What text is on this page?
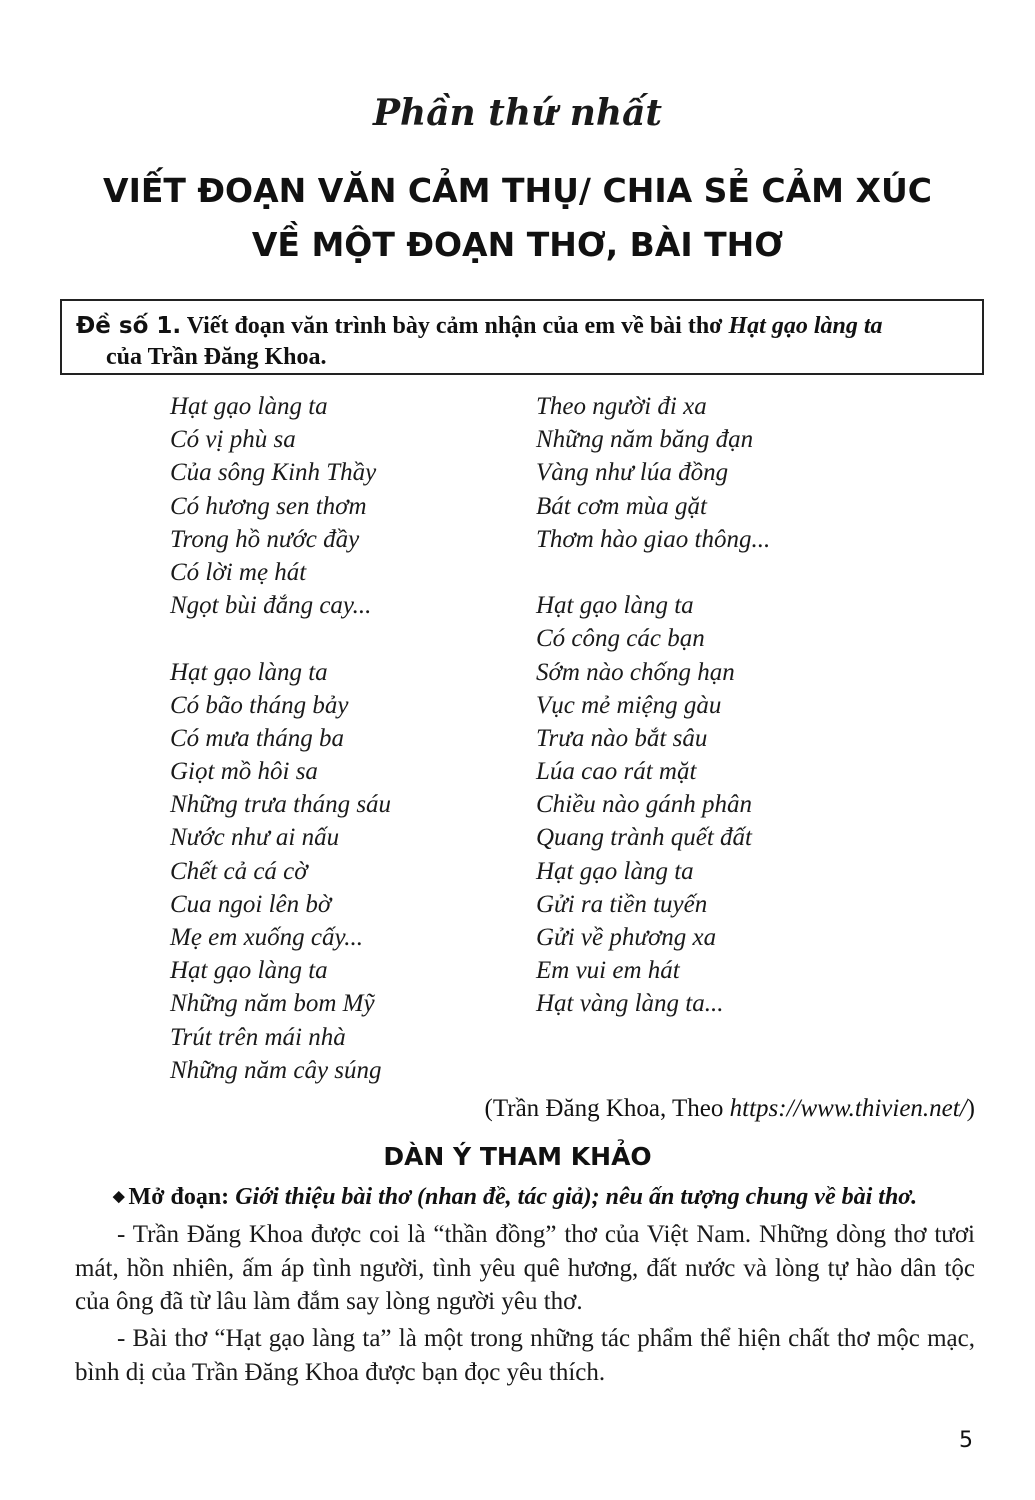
Phần thứ nhất
VIẾT ĐOẠN VĂN CẢM THỤ/ CHIA SẺ CẢM XÚC
VỀ MỘT ĐOẠN THƠ, BÀI THƠ
Đề số 1. Viết đoạn văn trình bày cảm nhận của em về bài thơ Hạt gạo làng ta
của Trần Đăng Khoa.
Hạt gạo làng ta
Có vị phù sa
Của sông Kinh Thầy
Có hương sen thơm
Trong hồ nước đầy
Có lời mẹ hát
Ngọt bùi đắng cay...
Hạt gạo làng ta
Có bão tháng bảy
Có mưa tháng ba
Giọt mồ hôi sa
Những trưa tháng sáu
Nước như ai nấu
Chết cả cá cờ
Cua ngoi lên bờ
Mẹ em xuống cấy...
Hạt gạo làng ta
Những năm bom Mỹ
Trút trên mái nhà
Những năm cây súng
Theo người đi xa
Những năm băng đạn
Vàng như lúa đồng
Bát cơm mùa gặt
Thơm hào giao thông...
Hạt gạo làng ta
Có công các bạn
Sớm nào chống hạn
Vục mẻ miệng gàu
Trưa nào bắt sâu
Lúa cao rát mặt
Chiều nào gánh phân
Quang trành quết đất
Hạt gạo làng ta
Gửi ra tiền tuyến
Gửi về phương xa
Em vui em hát
Hạt vàng làng ta...
(Trần Đăng Khoa, Theo https://www.thivien.net/)
DÀN Ý THAM KHẢO
◆ Mở đoạn: Giới thiệu bài thơ (nhan đề, tác giả); nêu ấn tượng chung về bài thơ.
- Trần Đăng Khoa được coi là “thần đồng” thơ của Việt Nam. Những dòng thơ tươi mát, hồn nhiên, ấm áp tình người, tình yêu quê hương, đất nước và lòng tự hào dân tộc của ông đã từ lâu làm đắm say lòng người yêu thơ.
- Bài thơ “Hạt gạo làng ta” là một trong những tác phẩm thể hiện chất thơ mộc mạc, bình dị của Trần Đăng Khoa được bạn đọc yêu thích.
5
